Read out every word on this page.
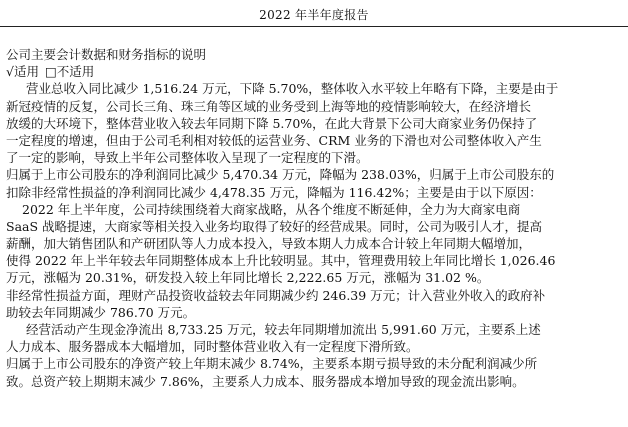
2022 年半年度报告
公司主要会计数据和财务指标的说明
√适用 □不适用
营业总收入同比减少 1,516.24 万元，下降 5.70%，整体收入水平较上年略有下降，主要是由于
新冠疫情的反复，公司长三角、珠三角等区域的业务受到上海等地的疫情影响较大，在经济增长
放缓的大环境下，整体营业收入较去年同期下降 5.70%，在此大背景下公司大商家业务仍保持了
一定程度的增速，但由于公司毛利相对较低的运营业务、CRM 业务的下滑也对公司整体收入产生
了一定的影响，导致上半年公司整体收入呈现了一定程度的下滑。
归属于上市公司股东的净利润同比减少 5,470.34 万元，降幅为 238.03%，归属于上市公司股东的
扣除非经常性损益的净利润同比减少 4,478.35 万元，降幅为 116.42%；主要是由于以下原因：
2022 年上半年度，公司持续围绕着大商家战略，从各个维度不断延伸，全力为大商家电商
SaaS 战略提速，大商家等相关投入业务均取得了较好的经营成果。同时，公司为吸引人才，提高
薪酬，加大销售团队和产研团队等人力成本投入，导致本期人力成本合计较上年同期大幅增加，
使得 2022 年上半年较去年同期整体成本上升比较明显。其中，管理费用较上年同比增长 1,026.46
万元，涨幅为 20.31%，研发投入较上年同比增长 2,222.65 万元，涨幅为 31.02 %。
非经常性损益方面，理财产品投资收益较去年同期减少约 246.39 万元；计入营业外收入的政府补
助较去年同期减少 786.70 万元。
经营活动产生现金净流出 8,733.25 万元，较去年同期增加流出 5,991.60 万元，主要系上述
人力成本、服务器成本大幅增加，同时整体营业收入有一定程度下滑所致。
归属于上市公司股东的净资产较上年期末减少 8.74%，主要系本期亏损导致的未分配利润减少所
致。总资产较上期期末减少 7.86%，主要系人力成本、服务器成本增加导致的现金流出影响。
